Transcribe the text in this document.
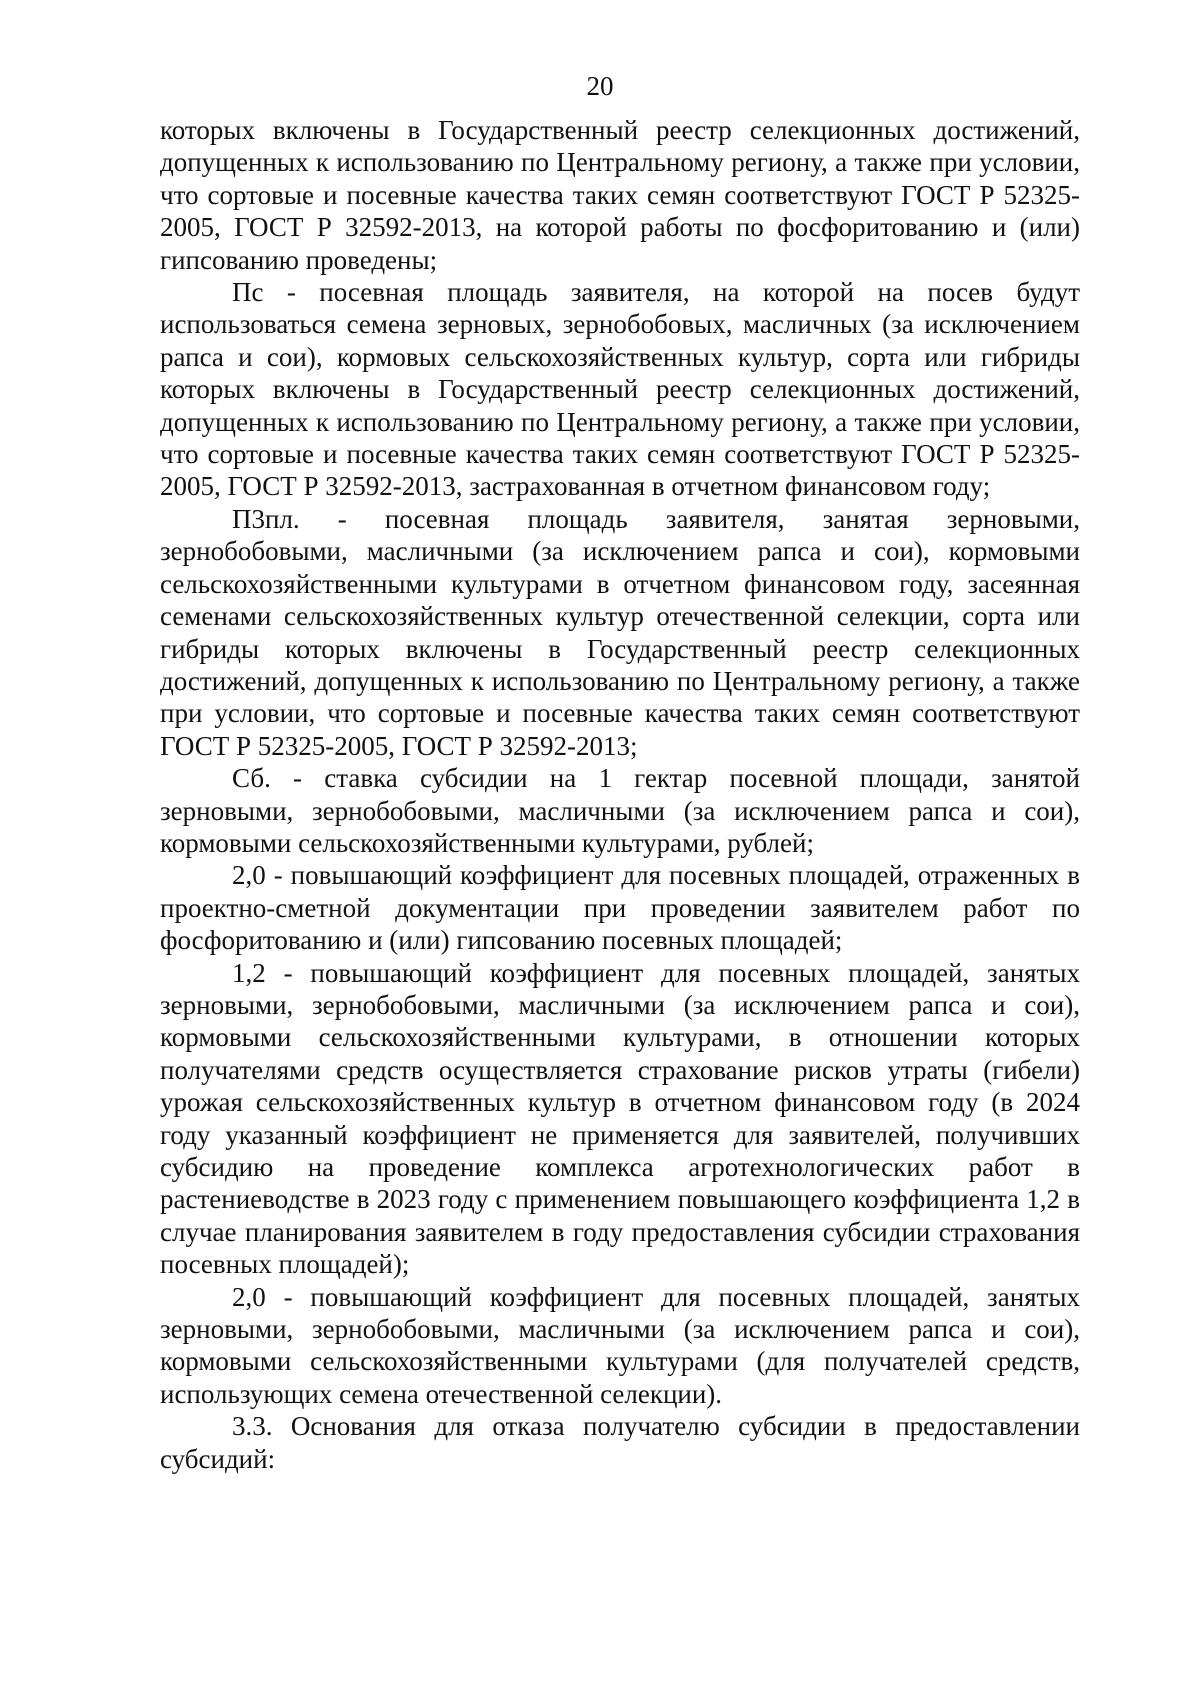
20

которых включены в Государственный реестр селекционных достижений, допущенных к использованию по Центральному региону, а также при условии, что сортовые и посевные качества таких семян соответствуют ГОСТ Р 52325-2005, ГОСТ Р 32592-2013, на которой работы по фосфоритованию и (или) гипсованию проведены;

Пс - посевная площадь заявителя, на которой на посев будут использоваться семена зерновых, зернобобовых, масличных (за исключением рапса и сои), кормовых сельскохозяйственных культур, сорта или гибриды которых включены в Государственный реестр селекционных достижений, допущенных к использованию по Центральному региону, а также при условии, что сортовые и посевные качества таких семян соответствуют ГОСТ Р 52325-2005, ГОСТ Р 32592-2013, застрахованная в отчетном финансовом году;

П3пл. - посевная площадь заявителя, занятая зерновыми, зернобобовыми, масличными (за исключением рапса и сои), кормовыми сельскохозяйственными культурами в отчетном финансовом году, засеянная семенами сельскохозяйственных культур отечественной селекции, сорта или гибриды которых включены в Государственный реестр селекционных достижений, допущенных к использованию по Центральному региону, а также при условии, что сортовые и посевные качества таких семян соответствуют ГОСТ Р 52325-2005, ГОСТ Р 32592-2013;

Сб. - ставка субсидии на 1 гектар посевной площади, занятой зерновыми, зернобобовыми, масличными (за исключением рапса и сои), кормовыми сельскохозяйственными культурами, рублей;

2,0 - повышающий коэффициент для посевных площадей, отраженных в проектно-сметной документации при проведении заявителем работ по фосфоритованию и (или) гипсованию посевных площадей;

1,2 - повышающий коэффициент для посевных площадей, занятых зерновыми, зернобобовыми, масличными (за исключением рапса и сои), кормовыми сельскохозяйственными культурами, в отношении которых получателями средств осуществляется страхование рисков утраты (гибели) урожая сельскохозяйственных культур в отчетном финансовом году (в 2024 году указанный коэффициент не применяется для заявителей, получивших субсидию на проведение комплекса агротехнологических работ в растениеводстве в 2023 году с применением повышающего коэффициента 1,2 в случае планирования заявителем в году предоставления субсидии страхования посевных площадей);

2,0 - повышающий коэффициент для посевных площадей, занятых зерновыми, зернобобовыми, масличными (за исключением рапса и сои), кормовыми сельскохозяйственными культурами (для получателей средств, использующих семена отечественной селекции).

3.3. Основания для отказа получателю субсидии в предоставлении субсидий:
